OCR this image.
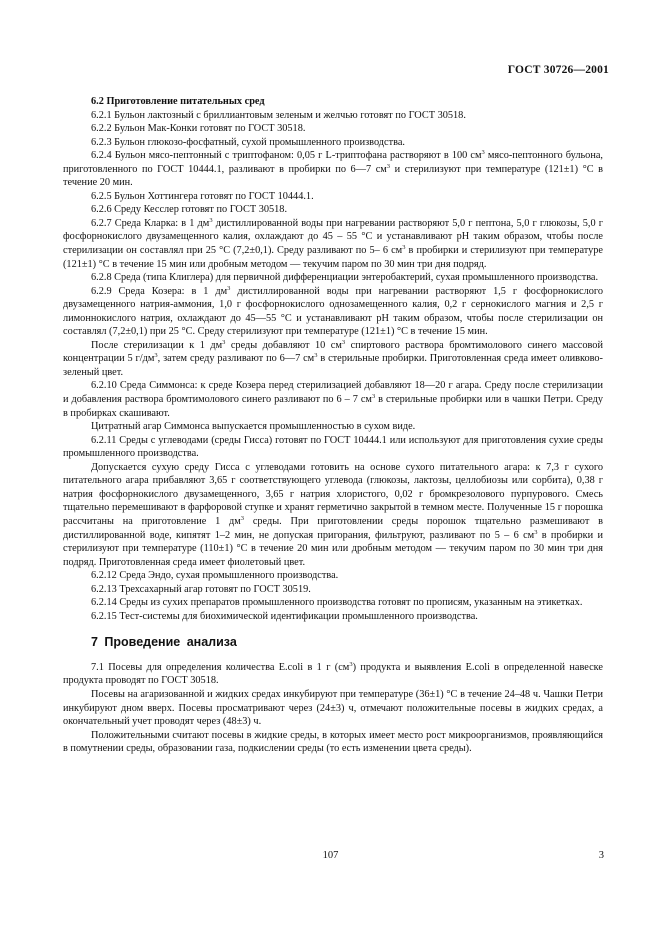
ГОСТ 30726—2001

6.2 Приготовление питательных сред

6.2.1 Бульон лактозный с бриллиантовым зеленым и желчью готовят по ГОСТ 30518.

6.2.2 Бульон Мак-Конки готовят по ГОСТ 30518.

6.2.3 Бульон глюкозо-фосфатный, сухой промышленного производства.

6.2.4 Бульон мясо-пептонный с триптофаном: 0,05 г L-триптофана растворяют в 100 $см^3$ мясо-пептонного бульона, приготовленного по ГОСТ 10444.1, разливают в пробирки по 6—7 $см^3$ и стерилизуют при температуре (121±1) °С в течение 20 мин.

6.2.5 Бульон Хоттингера готовят по ГОСТ 10444.1.

6.2.6 Среду Кесслер готовят по ГОСТ 30518.

6.2.7 Среда Кларка: в 1 $дм^3$ дистиллированной воды при нагревании растворяют 5,0 г пептона, 5,0 г глюкозы, 5,0 г фосфорнокислого двузамещенного калия, охлаждают до 45 – 55 °С и устанавливают рН таким образом, чтобы после стерилизации он составлял при 25 °С (7,2±0,1). Среду разливают по 5– 6 $см^3$ в пробирки и стерилизуют при температуре (121±1) °С в течение 15 мин или дробным методом — текучим паром по 30 мин три дня подряд.

6.2.8 Среда (типа Клиглера) для первичной дифференциации энтеробактерий, сухая промышленного производства.

6.2.9 Среда Козера: в 1 $дм^3$ дистиллированной воды при нагревании растворяют 1,5 г фосфорнокислого двузамещенного натрия-аммония, 1,0 г фосфорнокислого однозамещенного калия, 0,2 г сернокислого магния и 2,5 г лимоннокислого натрия, охлаждают до 45—55 °С и устанавливают рН таким образом, чтобы после стерилизации он составлял (7,2±0,1) при 25 °С. Среду стерилизуют при температуре (121±1) °С в течение 15 мин.

После стерилизации к 1 $дм^3$ среды добавляют 10 $см^3$ спиртового раствора бромтимолового синего массовой концентрации 5 $г/дм^3$, затем среду разливают по 6—7 $см^3$ в стерильные пробирки. Приготовленная среда имеет оливково-зеленый цвет.

6.2.10 Среда Симмонса: к среде Козера перед стерилизацией добавляют 18—20 г агара. Среду после стерилизации и добавления раствора бромтимолового синего разливают по 6 – 7 $см^3$ в стерильные пробирки или в чашки Петри. Среду в пробирках скашивают.

Цитратный агар Симмонса выпускается промышленностью в сухом виде.

6.2.11 Среды с углеводами (среды Гисса) готовят по ГОСТ 10444.1 или используют для приготовления сухие среды промышленного производства.

Допускается сухую среду Гисса с углеводами готовить на основе сухого питательного агара: к 7,3 г сухого питательного агара прибавляют 3,65 г соответствующего углевода (глюкозы, лактозы, целлобиозы или сорбита), 0,38 г натрия фосфорнокислого двузамещенного, 3,65 г натрия хлористого, 0,02 г бромкрезолового пурпурового. Смесь тщательно перемешивают в фарфоровой ступке и хранят герметично закрытой в темном месте. Полученные 15 г порошка рассчитаны на приготовление 1 $дм^3$ среды. При приготовлении среды порошок тщательно размешивают в дистиллированной воде, кипятят 1–2 мин, не допуская пригорания, фильтруют, разливают по 5 – 6 $см^3$ в пробирки и стерилизуют при температуре (110±1) °С в течение 20 мин или дробным методом — текучим паром по 30 мин три дня подряд. Приготовленная среда имеет фиолетовый цвет.

6.2.12 Среда Эндо, сухая промышленного производства.

6.2.13 Трехсахарный агар готовят по ГОСТ 30519.

6.2.14 Среды из сухих препаратов промышленного производства готовят по прописям, указанным на этикетках.

6.2.15 Тест-системы для биохимической идентификации промышленного производства.

7 Проведение анализа

7.1 Посевы для определения количества E.coli в 1 г $(см^3)$ продукта и выявления E.coli в определенной навеске продукта проводят по ГОСТ 30518.

Посевы на агаризованной и жидких средах инкубируют при температуре (36±1) °С в течение 24–48 ч. Чашки Петри инкубируют дном вверх. Посевы просматривают через (24±3) ч, отмечают положительные посевы в жидких средах, а окончательный учет проводят через (48±3) ч.

Положительными считают посевы в жидкие среды, в которых имеет место рост микроорганизмов, проявляющийся в помутнении среды, образовании газа, подкислении среды (то есть изменении цвета среды).

107	3
